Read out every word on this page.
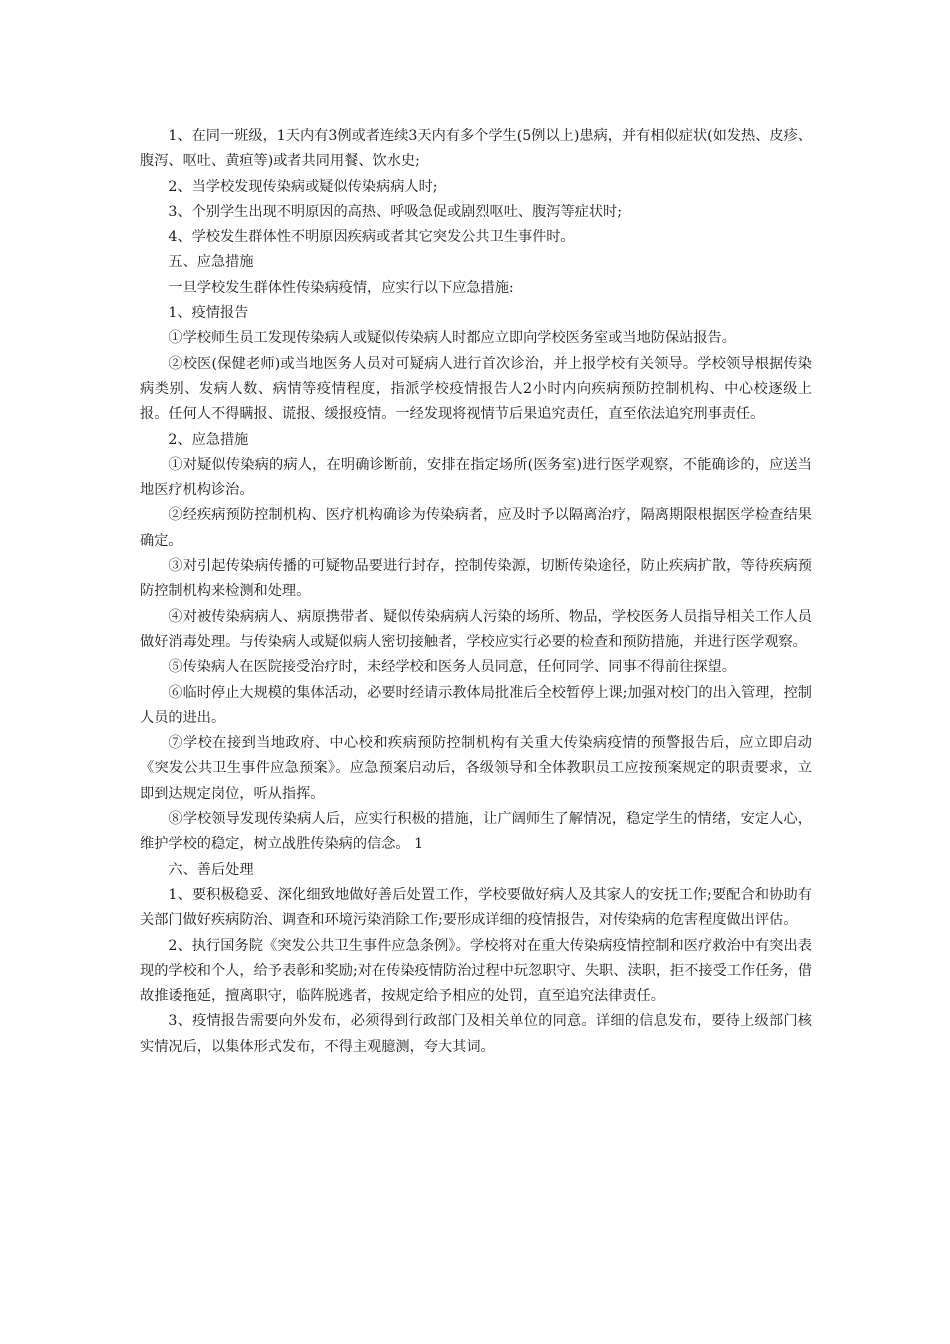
1、在同一班级，1天内有3例或者连续3天内有多个学生(5例以上)患病，并有相似症状(如发热、皮疹、腹泻、呕吐、黄疸等)或者共同用餐、饮水史;

2、当学校发现传染病或疑似传染病病人时;

3、个别学生出现不明原因的高热、呼吸急促或剧烈呕吐、腹泻等症状时;

4、学校发生群体性不明原因疾病或者其它突发公共卫生事件时。

五、应急措施

一旦学校发生群体性传染病疫情，应实行以下应急措施:

1、疫情报告

①学校师生员工发现传染病人或疑似传染病人时都应立即向学校医务室或当地防保站报告。

②校医(保健老师)或当地医务人员对可疑病人进行首次诊治，并上报学校有关领导。学校领导根据传染病类别、发病人数、病情等疫情程度，指派学校疫情报告人2小时内向疾病预防控制机构、中心校逐级上报。任何人不得瞒报、谎报、缓报疫情。一经发现将视情节后果追究责任，直至依法追究刑事责任。

2、应急措施

①对疑似传染病的病人，在明确诊断前，安排在指定场所(医务室)进行医学观察，不能确诊的，应送当地医疗机构诊治。

②经疾病预防控制机构、医疗机构确诊为传染病者，应及时予以隔离治疗，隔离期限根据医学检查结果确定。

③对引起传染病传播的可疑物品要进行封存，控制传染源，切断传染途径，防止疾病扩散，等待疾病预防控制机构来检测和处理。

④对被传染病病人、病原携带者、疑似传染病病人污染的场所、物品，学校医务人员指导相关工作人员做好消毒处理。与传染病人或疑似病人密切接触者，学校应实行必要的检查和预防措施，并进行医学观察。

⑤传染病人在医院接受治疗时，未经学校和医务人员同意，任何同学、同事不得前往探望。

⑥临时停止大规模的集体活动，必要时经请示教体局批准后全校暂停上课;加强对校门的出入管理，控制人员的进出。

⑦学校在接到当地政府、中心校和疾病预防控制机构有关重大传染病疫情的预警报告后，应立即启动《突发公共卫生事件应急预案》。应急预案启动后，各级领导和全体教职员工应按预案规定的职责要求，立即到达规定岗位，听从指挥。

⑧学校领导发现传染病人后，应实行积极的措施，让广阔师生了解情况，稳定学生的情绪，安定人心，维护学校的稳定，树立战胜传染病的信念。 1

六、善后处理

1、要积极稳妥、深化细致地做好善后处置工作，学校要做好病人及其家人的安抚工作;要配合和协助有关部门做好疾病防治、调查和环境污染消除工作;要形成详细的疫情报告，对传染病的危害程度做出评估。

2、执行国务院《突发公共卫生事件应急条例》。学校将对在重大传染病疫情控制和医疗救治中有突出表现的学校和个人，给予表彰和奖励;对在传染疫情防治过程中玩忽职守、失职、渎职，拒不接受工作任务，借故推诿拖延，擅离职守，临阵脱逃者，按规定给予相应的处罚，直至追究法律责任。

3、疫情报告需要向外发布，必须得到行政部门及相关单位的同意。详细的信息发布，要待上级部门核实情况后，以集体形式发布，不得主观臆测，夸大其词。
